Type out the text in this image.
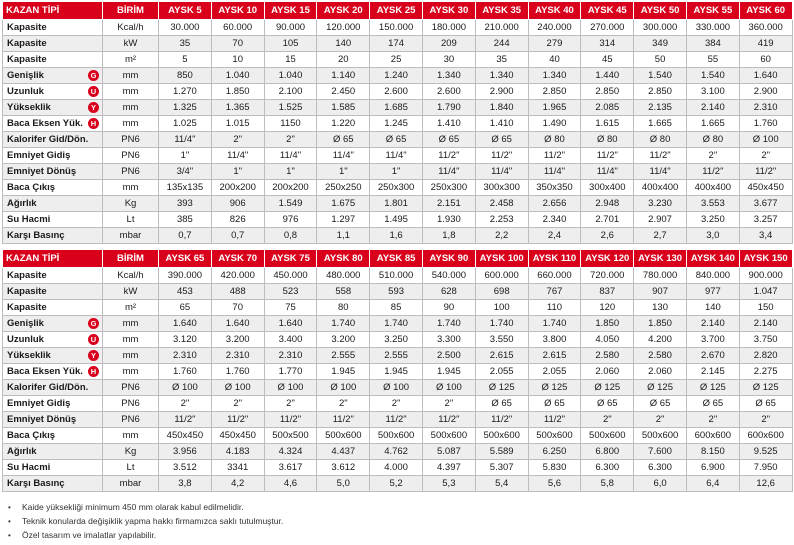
KAZAN TİPİ	BİRİM	AYSK 5	AYSK 10	AYSK 15	AYSK 20	AYSK 25	AYSK 30	AYSK 35	AYSK 40	AYSK 45	AYSK 50	AYSK 55	AYSK 60
Kapasite	Kcal/h	30.000	60.000	90.000	120.000	150.000	180.000	210.000	240.000	270.000	300.000	330.000	360.000
Kapasite	kW	35	70	105	140	174	209	244	279	314	349	384	419
Kapasite	m²	5	10	15	20	25	30	35	40	45	50	55	60
Genişlik G	mm	850	1.040	1.040	1.140	1.240	1.340	1.340	1.340	1.440	1.540	1.540	1.640
Uzunluk U	mm	1.270	1.850	2.100	2.450	2.600	2.600	2.900	2.850	2.850	2.850	3.100	2.900
Yükseklik Y	mm	1.325	1.365	1.525	1.585	1.685	1.790	1.840	1.965	2.085	2.135	2.140	2.310
Baca Eksen Yük. H	mm	1.025	1.015	1150	1.220	1.245	1.410	1.410	1.490	1.615	1.665	1.665	1.760
Kalorifer Gid/Dön.	PN6	11/4"	2"	2"	Ø 65	Ø 65	Ø 65	Ø 65	Ø 80	Ø 80	Ø 80	Ø 80	Ø 100
Emniyet Gidiş	PN6	1"	11/4"	11/4"	11/4"	11/4"	11/2"	11/2"	11/2"	11/2"	11/2"	2"	2"
Emniyet Dönüş	PN6	3/4"	1"	1"	1"	1"	11/4"	11/4"	11/4"	11/4"	11/4"	11/2"	11/2"
Baca Çıkış	mm	135x135	200x200	200x200	250x250	250x300	250x300	300x300	350x350	300x400	400x400	400x400	450x450
Ağırlık	Kg	393	906	1.549	1.675	1.801	2.151	2.458	2.656	2.948	3.230	3.553	3.677
Su Hacmi	Lt	385	826	976	1.297	1.495	1.930	2.253	2.340	2.701	2.907	3.250	3.257
Karşı Basınç	mbar	0,7	0,7	0,8	1,1	1,6	1,8	2,2	2,4	2,6	2,7	3,0	3,4
KAZAN TİPİ	BİRİM	AYSK 65	AYSK 70	AYSK 75	AYSK 80	AYSK 85	AYSK 90	AYSK 100	AYSK 110	AYSK 120	AYSK 130	AYSK 140	AYSK 150
Kapasite	Kcal/h	390.000	420.000	450.000	480.000	510.000	540.000	600.000	660.000	720.000	780.000	840.000	900.000
Kapasite	kW	453	488	523	558	593	628	698	767	837	907	977	1.047
Kapasite	m²	65	70	75	80	85	90	100	110	120	130	140	150
Genişlik G	mm	1.640	1.640	1.640	1.740	1.740	1.740	1.740	1.740	1.850	1.850	2.140	2.140
Uzunluk U	mm	3.120	3.200	3.400	3.200	3.250	3.300	3.550	3.800	4.050	4.200	3.700	3.750
Yükseklik Y	mm	2.310	2.310	2.310	2.555	2.555	2.500	2.615	2.615	2.580	2.580	2.670	2.820
Baca Eksen Yük. H	mm	1.760	1.760	1.770	1.945	1.945	1.945	2.055	2.055	2.060	2.060	2.145	2.275
Kalorifer Gid/Dön.	PN6	Ø 100	Ø 100	Ø 100	Ø 100	Ø 100	Ø 100	Ø 125	Ø 125	Ø 125	Ø 125	Ø 125	Ø 125
Emniyet Gidiş	PN6	2"	2"	2"	2"	2"	2"	Ø 65	Ø 65	Ø 65	Ø 65	Ø 65	Ø 65
Emniyet Dönüş	PN6	11/2"	11/2"	11/2"	11/2"	11/2"	11/2"	11/2"	11/2"	2"	2"	2"	2"
Baca Çıkış	mm	450x450	450x450	500x500	500x600	500x600	500x600	500x600	500x600	500x600	500x600	600x600	600x600
Ağırlık	Kg	3.956	4.183	4.324	4.437	4.762	5.087	5.589	6.250	6.800	7.600	8.150	9.525
Su Hacmi	Lt	3.512	3341	3.617	3.612	4.000	4.397	5.307	5.830	6.300	6.300	6.900	7.950
Karşı Basınç	mbar	3,8	4,2	4,6	5,0	5,2	5,3	5,4	5,6	5,8	6,0	6,4	12,6
• Kaide yüksekliği minimum 450 mm olarak kabul edilmelidir.
• Teknik konularda değişiklik yapma hakkı firmamızca saklı tutulmuştur.
• Özel tasarım ve imalatlar yapılabilir.
